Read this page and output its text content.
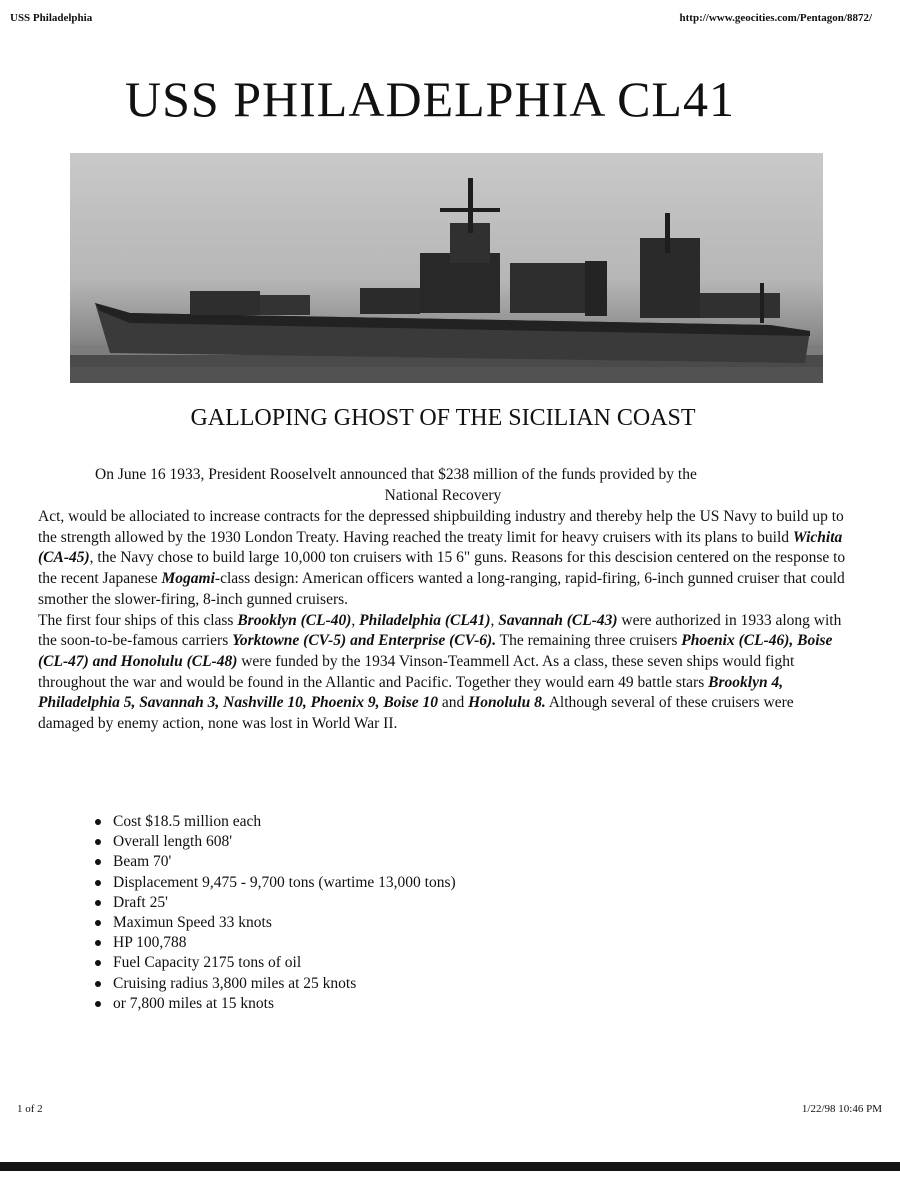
USS Philadelphia	http://www.geocities.com/Pentagon/8872/
USS PHILADELPHIA CL41
GALLOPING GHOST OF THE SICILIAN COAST

On June 16 1933, President Rooselvelt announced that $238 million of the funds provided by the

National Recovery

Act, would be allociated to increase contracts for the depressed shipbuilding industry and thereby help the US Navy to build up to the strength allowed by the 1930 London Treaty. Having reached the treaty limit for heavy cruisers with its plans to build Wichita (CA-45), the Navy chose to build large 10,000 ton cruisers with 15 6" guns. Reasons for this descision centered on the response to the recent Japanese Mogami-class design: American officers wanted a long-ranging, rapid-firing, 6-inch gunned cruiser that could smother the slower-firing, 8-inch gunned cruisers.

The first four ships of this class Brooklyn (CL-40), Philadelphia (CL41), Savannah (CL-43) were authorized in 1933 along with the soon-to-be-famous carriers Yorktowne (CV-5) and Enterprise (CV-6). The remaining three cruisers Phoenix (CL-46), Boise (CL-47) and Honolulu (CL-48) were funded by the 1934 Vinson-Teammell Act. As a class, these seven ships would fight throughout the war and would be found in the Allantic and Pacific. Together they would earn 49 battle stars Brooklyn 4, Philadelphia 5, Savannah 3, Nashville 10, Phoenix 9, Boise 10 and Honolulu 8. Although several of these cruisers were damaged by enemy action, none was lost in World War II.

Cost $18.5 million each
Overall length 608'
Beam 70'
Displacement 9,475 - 9,700 tons (wartime 13,000 tons)
Draft 25'
Maximun Speed 33 knots
HP 100,788
Fuel Capacity 2175 tons of oil
Cruising radius 3,800 miles at 25 knots
or 7,800 miles at 15 knots
1 of 2	1/22/98 10:46 PM
